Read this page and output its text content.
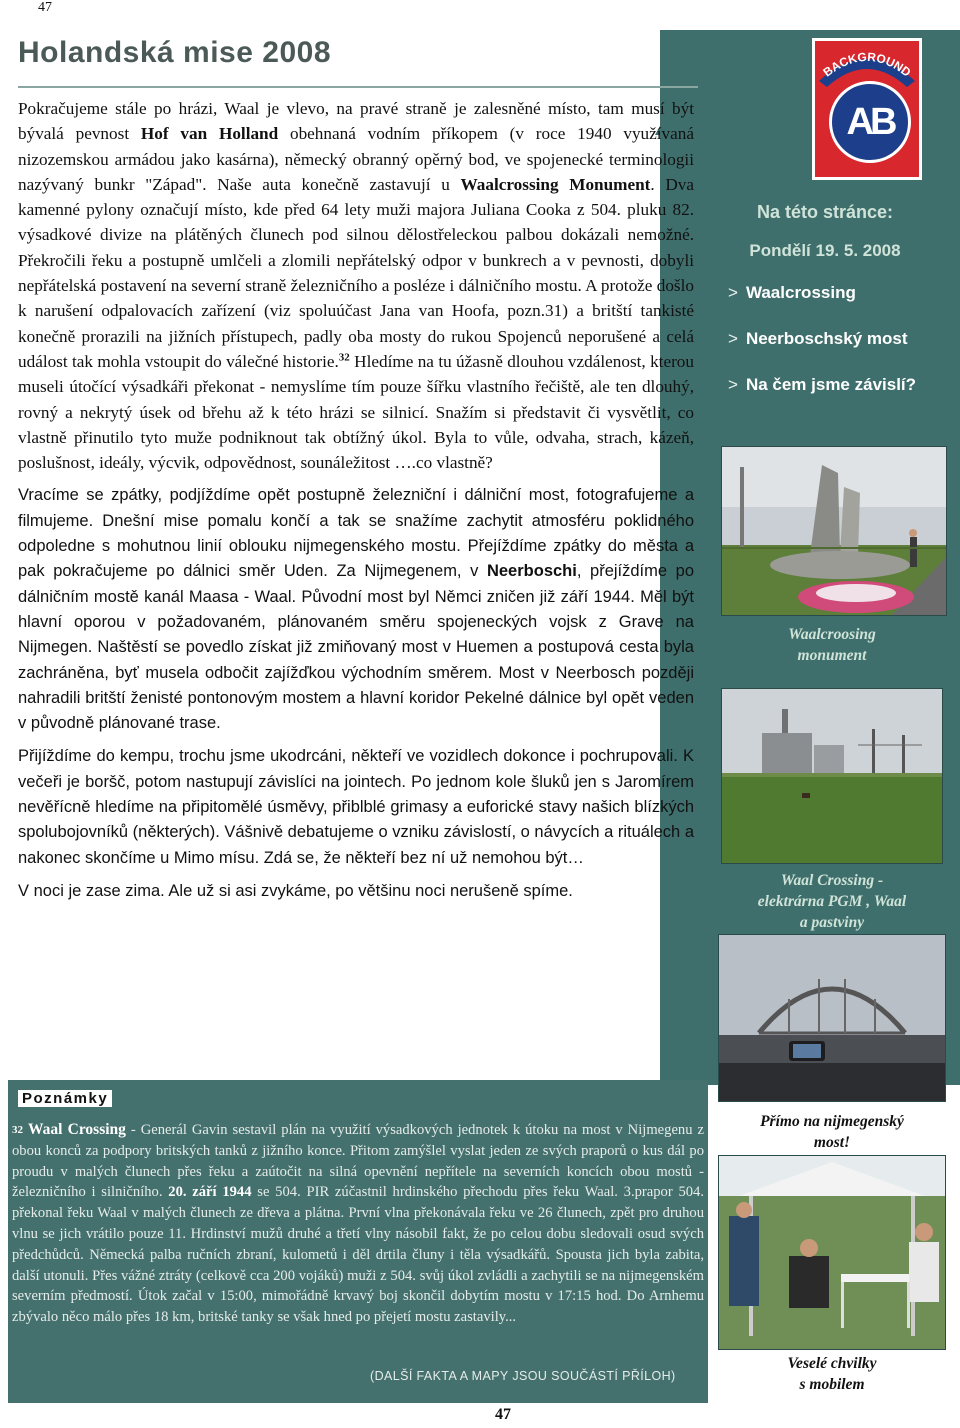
47
Holandská mise 2008

Pokračujeme stále po hrázi, Waal je vlevo, na pravé straně je zalesněné místo, tam musí být bývalá pevnost Hof van Holland obehnaná vodním příkopem (v roce 1940 využívaná nizozemskou armádou jako kasárna), německý obranný opěrný bod, ve spojenecké terminologii nazývaný bunkr "Západ". Naše auta konečně zastavují u Waalcrossing Monument. Dva kamenné pylony označují místo, kde před 64 lety muži majora Juliana Cooka z 504. pluku 82. výsadkové divize na plátěných člunech pod silnou dělostřeleckou palbou dokázali nemožné. Překročili řeku a postupně umlčeli a zlomili nepřátelský odpor v bunkrech a v pevnosti, dobyli nepřátelská postavení na severní straně železničního a posléze i dálničního mostu. A protože došlo k narušení odpalovacích zařízení (viz spoluúčast Jana van Hoofa, pozn.31) a britští tankisté konečně prorazili na jižních přístupech, padly oba mosty do rukou Spojenců neporušené a celá událost tak mohla vstoupit do válečné historie.$^{32}$ Hledíme na tu úžasně dlouhou vzdálenost, kterou museli útočící výsadkáři překonat - nemyslíme tím pouze šířku vlastního řečiště, ale ten dlouhý, rovný a nekrytý úsek od břehu až k této hrázi se silnicí. Snažím si představit či vysvětlit, co vlastně přinutilo tyto muže podniknout tak obtížný úkol. Byla to vůle, odvaha, strach, kázeň, poslušnost, ideály, výcvik, odpovědnost, sounáležitost ….co vlastně?

Vracíme se zpátky, podjíždíme opět postupně železniční i dálniční most, fotografujeme a filmujeme. Dnešní mise pomalu končí a tak se snažíme zachytit atmosféru poklidného odpoledne s mohutnou linií oblouku nijmegenského mostu. Přejíždíme zpátky do města a pak pokračujeme po dálnici směr Uden. Za Nijmegenem, v Neerboschi, přejíždíme po dálničním mostě kanál Maasa - Waal. Původní most byl Němci zničen již září 1944. Měl být hlavní oporou v požadovaném, plánovaném směru spojeneckých vojsk z Grave na Nijmegen. Naštěstí se povedlo získat již zmiňovaný most v Huemen a postupová cesta byla zachráněna, byť musela odbočit zajížďkou východním směrem. Most v Neerbosch později nahradili britští ženisté pontonovým mostem a hlavní koridor Pekelné dálnice byl opět veden v původně plánované trase.

Přijíždíme do kempu, trochu jsme ukodrcáni, někteří ve vozidlech dokonce i pochrupovali. K večeři je boršč, potom nastupují závislíci na jointech. Po jednom kole šluků jen s Jaromírem nevěřícně hledíme na připitomělé úsměvy, přiblblé grimasy a euforické stavy našich blízkých spolubojovníků (některých). Vášnivě debatujeme o vzniku závislostí, o návycích a rituálech a nakonec skončíme u Mimo mísu. Zdá se, že někteří bez ní už nemohou být…

V noci je zase zima. Ale už si asi zvykáme, po většinu noci nerušeně spíme.

BACKGROUND
AB
Na této stránce:
Pondělí 19. 5. 2008
> Waalcrossing
> Neerboschský most
> Na čem jsme závislí?
Waalcroosing
monument
Waal Crossing -
elektrárna PGM , Waal
a pastviny
Přímo na nijmegenský
most!
Veselé chvilky
s mobilem
Poznámky
$^{32}$ Waal Crossing - Generál Gavin sestavil plán na využití výsadkových jednotek k útoku na most v Nijmegenu z obou konců za podpory britských tanků z jižního konce. Přitom zamýšlel vyslat jeden ze svých praporů o kus dál po proudu v malých člunech přes řeku a zaútočit na silná opevnění nepřítele na severních koncích obou mostů - železničního i silničního. 20. září 1944 se 504. PIR zúčastnil hrdinského přechodu přes řeku Waal. 3.prapor 504. překonal řeku Waal v malých člunech ze dřeva a plátna. První vlna překonávala řeku ve 26 člunech, zpět pro druhou vlnu se jich vrátilo pouze 11. Hrdinství mužů druhé a třetí vlny násobil fakt, že po celou dobu sledovali osud svých předchůdců. Německá palba ručních zbraní, kulometů i děl drtila čluny i těla výsadkářů. Spousta jich byla zabita, další utonuli. Přes vážné ztráty (celkově cca 200 vojáků) muži z 504. svůj úkol zvládli a zachytili se na nijmegenském severním předmostí. Útok začal v 15:00, mimořádně krvavý boj skončil dobytím mostu v 17:15 hod. Do Arnhemu zbývalo něco málo přes 18 km, britské tanky se však hned po přejetí mostu zastavily...
(DALŠÍ FAKTA A MAPY JSOU SOUČÁSTÍ PŘÍLOH)
47
